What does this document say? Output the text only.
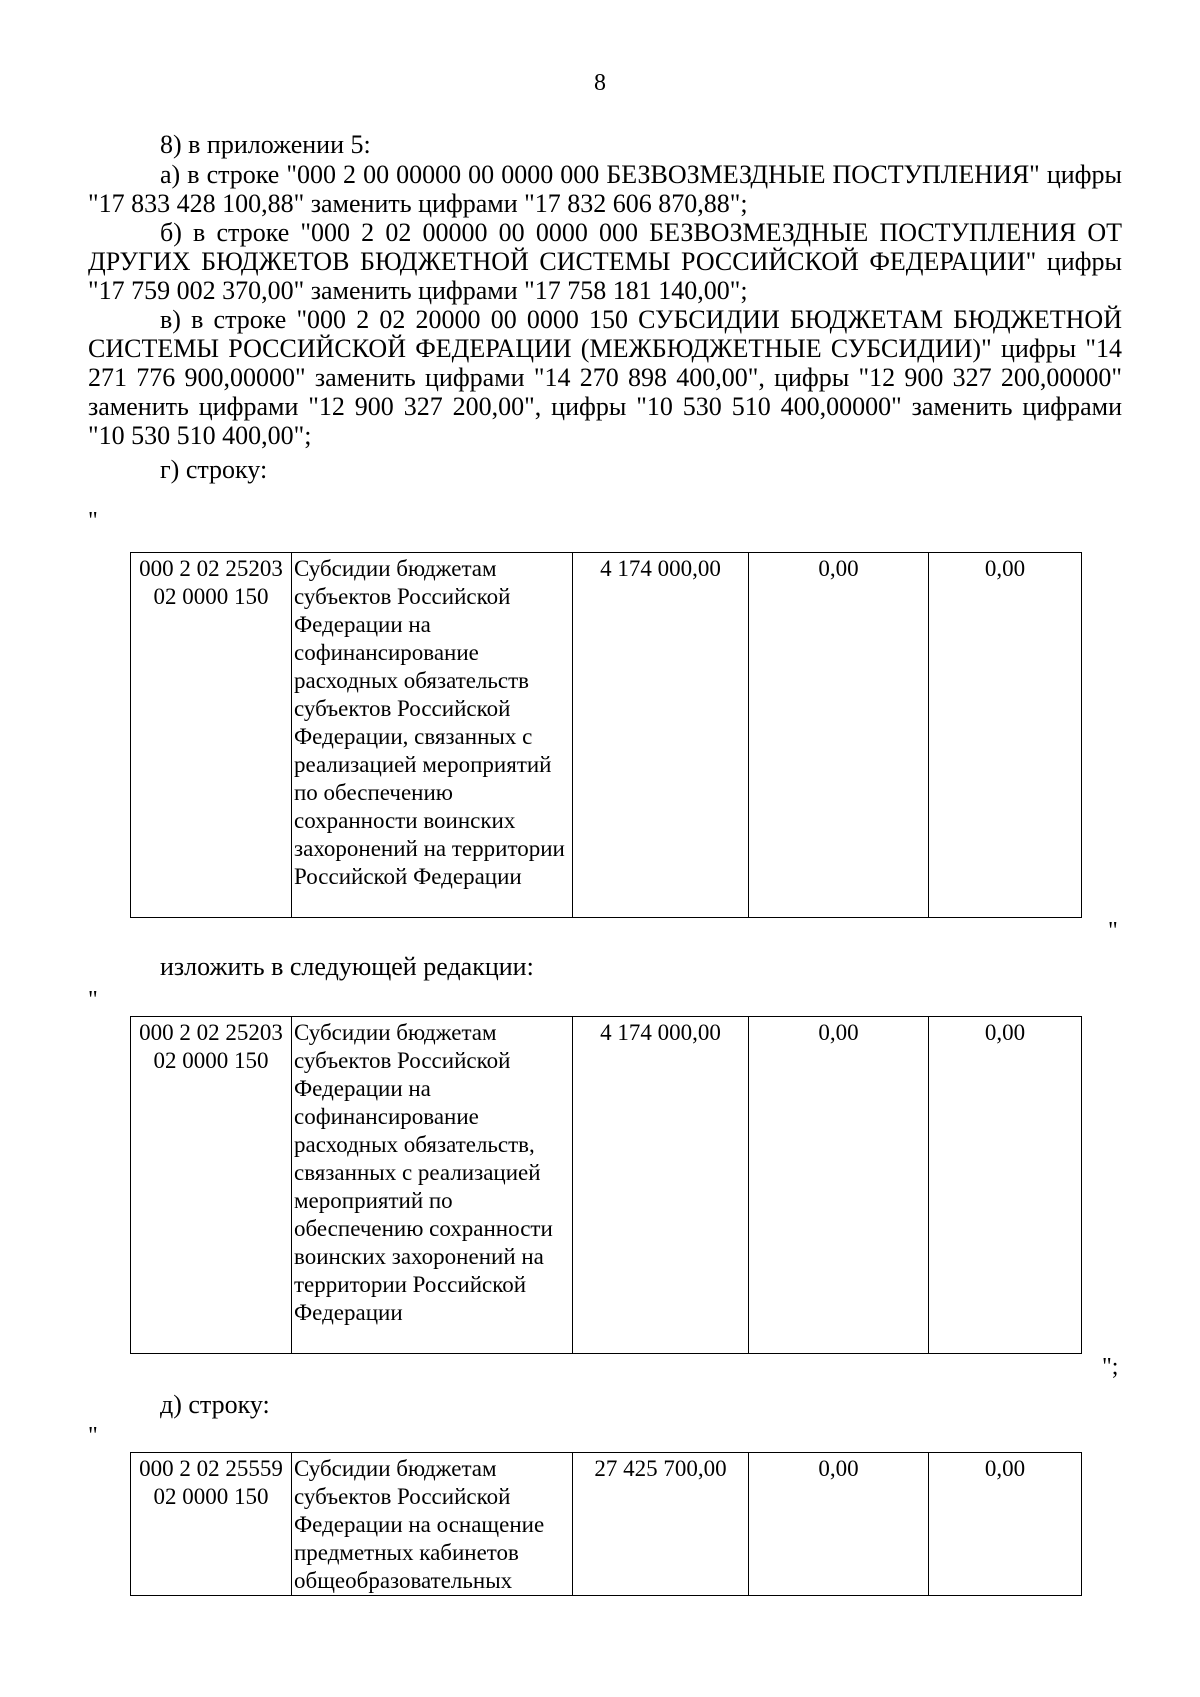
8

8) в приложении 5:

а) в строке "000 2 00 00000 00 0000 000 БЕЗВОЗМЕЗДНЫЕ ПОСТУПЛЕНИЯ" цифры "17 833 428 100,88" заменить цифрами "17 832 606 870,88";

б) в строке "000 2 02 00000 00 0000 000 БЕЗВОЗМЕЗДНЫЕ ПОСТУПЛЕНИЯ ОТ ДРУГИХ БЮДЖЕТОВ БЮДЖЕТНОЙ СИСТЕМЫ РОССИЙСКОЙ ФЕДЕРАЦИИ" цифры "17 759 002 370,00" заменить цифрами "17 758 181 140,00";

в) в строке "000 2 02 20000 00 0000 150 СУБСИДИИ БЮДЖЕТАМ БЮДЖЕТНОЙ СИСТЕМЫ РОССИЙСКОЙ ФЕДЕРАЦИИ (МЕЖБЮДЖЕТНЫЕ СУБСИДИИ)" цифры "14 271 776 900,00000" заменить цифрами "14 270 898 400,00", цифры "12 900 327 200,00000" заменить цифрами "12 900 327 200,00", цифры "10 530 510 400,00000" заменить цифрами "10 530 510 400,00";

г) строку:

"
000 2 02 25203
02 0000 150
	Субсидии бюджетам субъектов Российской Федерации на софинансирование расходных обязательств субъектов Российской Федерации, связанных с реализацией мероприятий по обеспечению сохранности воинских захоронений на территории Российской Федерации	4 174 000,00	0,00	0,00
"

изложить в следующей редакции:

"
000 2 02 25203
02 0000 150
	Субсидии бюджетам субъектов Российской Федерации на софинансирование расходных обязательств, связанных с реализацией мероприятий по обеспечению сохранности воинских захоронений на территории Российской Федерации	4 174 000,00	0,00	0,00
";

д) строку:

"
000 2 02 25559
02 0000 150
	Субсидии бюджетам субъектов Российской Федерации на оснащение предметных кабинетов общеобразовательных	27 425 700,00	0,00	0,00
